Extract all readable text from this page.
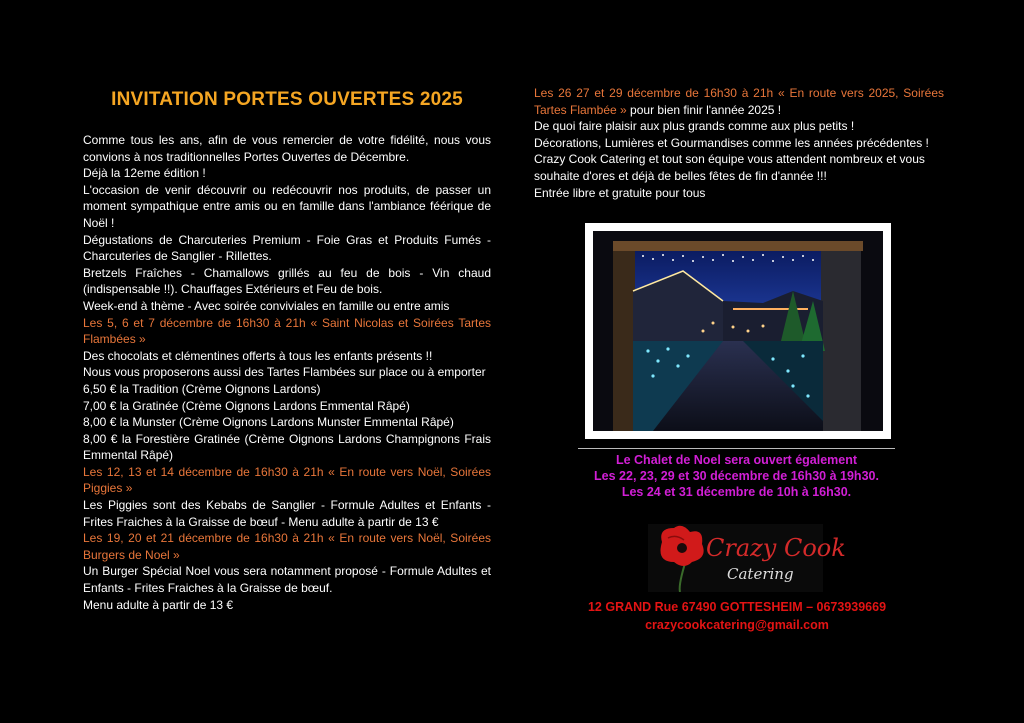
INVITATION PORTES OUVERTES 2025

Comme tous les ans, afin de vous remercier de votre fidélité, nous vous convions à nos traditionnelles Portes Ouvertes de Décembre.

Déjà la 12eme édition !

L'occasion de venir découvrir ou redécouvrir nos produits, de passer un moment sympathique entre amis ou en famille dans l'ambiance féérique de Noël !

Dégustations de Charcuteries Premium - Foie Gras et Produits Fumés - Charcuteries de Sanglier - Rillettes.

Bretzels Fraîches - Chamallows grillés au feu de bois - Vin chaud (indispensable !!). Chauffages Extérieurs et Feu de bois.

Week-end à thème - Avec soirée conviviales en famille ou entre amis

Les 5, 6 et 7 décembre de 16h30 à 21h « Saint Nicolas et Soirées Tartes Flambées »

Des chocolats et clémentines offerts à tous les enfants présents !!

Nous vous proposerons aussi des Tartes Flambées sur place ou à emporter

6,50 € la Tradition (Crème Oignons Lardons)

7,00 € la Gratinée (Crème Oignons Lardons Emmental Râpé)

8,00 € la Munster (Crème Oignons Lardons Munster Emmental Râpé)

8,00 € la Forestière Gratinée (Crème Oignons Lardons Champignons Frais Emmental Râpé)

Les 12, 13 et 14 décembre de 16h30 à 21h « En route vers Noël, Soirées Piggies »

Les Piggies sont des Kebabs de Sanglier - Formule Adultes et Enfants - Frites Fraiches à la Graisse de bœuf - Menu adulte à partir de 13 €

Les 19, 20 et 21 décembre de 16h30 à 21h « En route vers Noël, Soirées Burgers de Noel »

Un Burger Spécial Noel vous sera notamment proposé - Formule Adultes et Enfants - Frites Fraiches à la Graisse de bœuf.

Menu adulte à partir de 13 €

Les 26 27 et 29 décembre de 16h30 à 21h « En route vers 2025, Soirées Tartes Flambée » pour bien finir l'année 2025 !

De quoi faire plaisir aux plus grands comme aux plus petits !

Décorations, Lumières et Gourmandises comme les années précédentes !

Crazy Cook Catering et tout son équipe vous attendent nombreux et vous souhaite d'ores et déjà de belles fêtes de fin d'année !!!

Entrée libre et gratuite pour tous

Le Chalet de Noel sera ouvert également
Les 22, 23, 29 et 30 décembre de 16h30 à 19h30.
Les 24 et 31 décembre de 10h à 16h30.
Crazy Cook
Catering
12 GRAND Rue 67490 GOTTESHEIM – 0673939669
crazycookcatering@gmail.com
